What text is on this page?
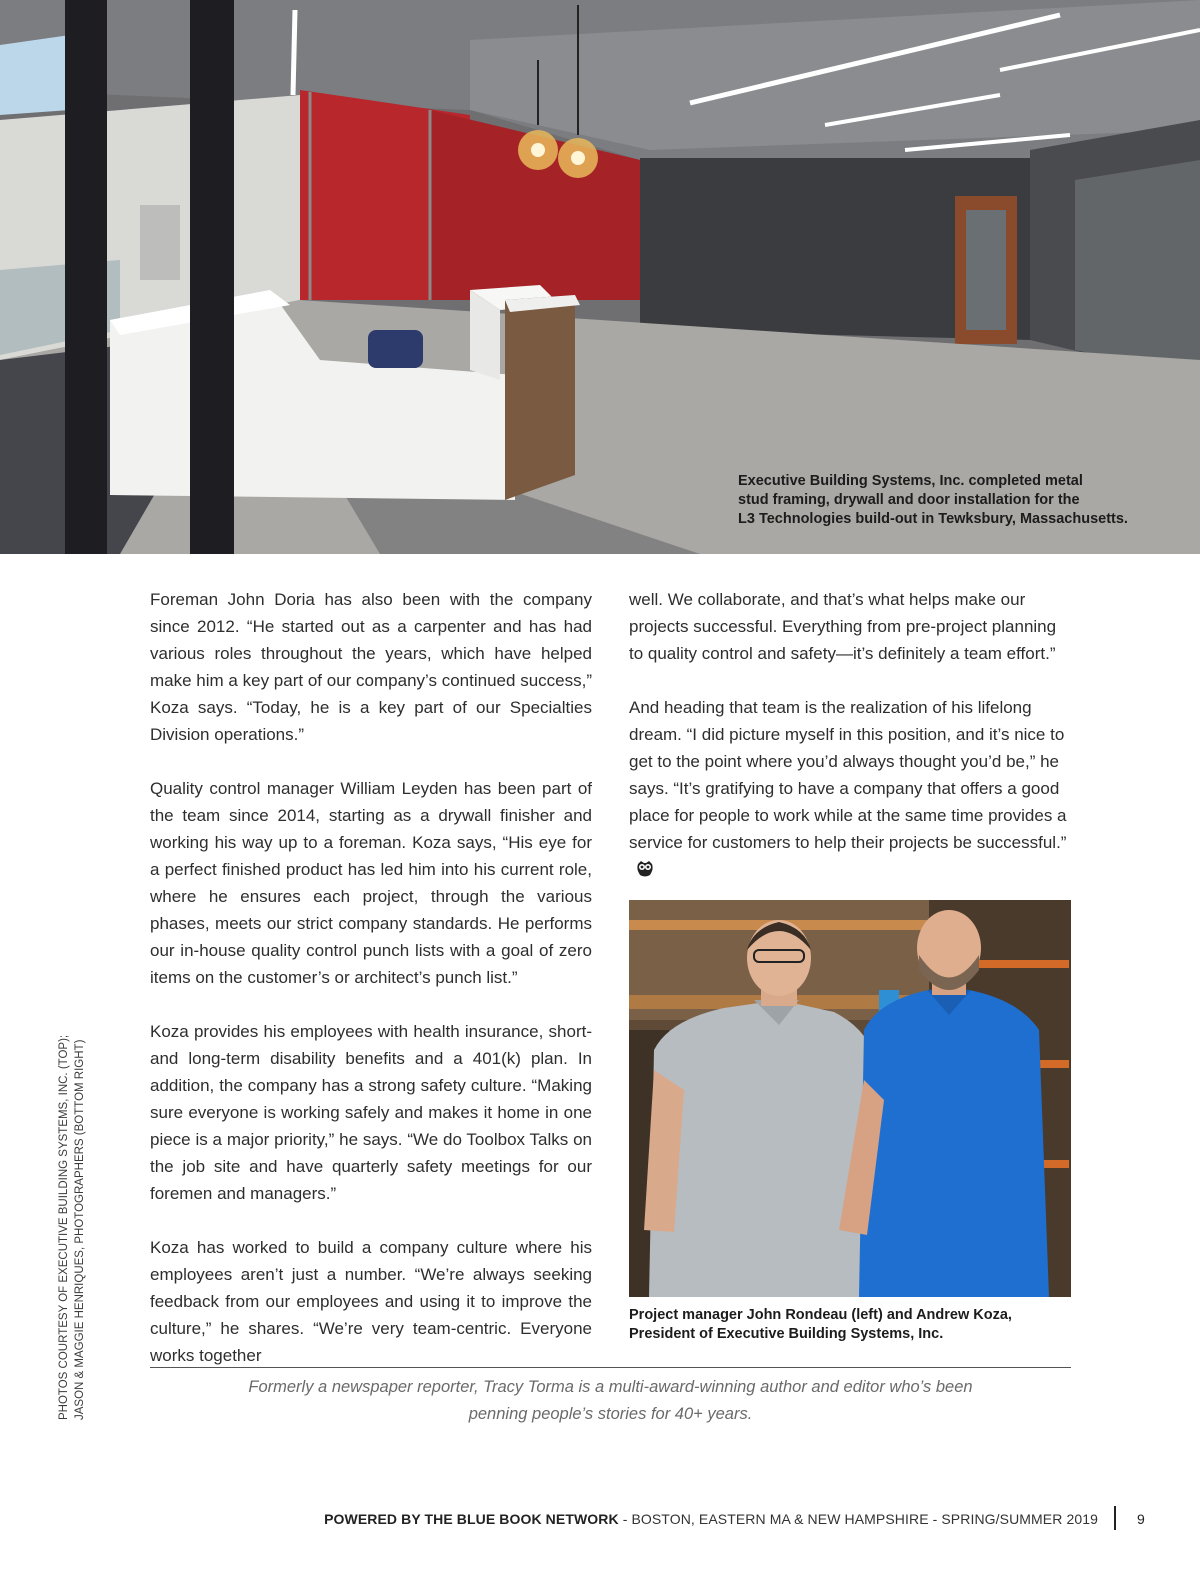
Executive Building Systems, Inc. completed metal
stud framing, drywall and door installation for the
L3 Technologies build-out in Tewksbury, Massachusetts.

Foreman John Doria has also been with the company since 2012. “He started out as a carpenter and has had various roles throughout the years, which have helped make him a key part of our company’s continued success,” Koza says. “Today, he is a key part of our Specialties Division operations.”

Quality control manager William Leyden has been part of the team since 2014, starting as a drywall finisher and working his way up to a foreman. Koza says, “His eye for a perfect finished product has led him into his current role, where he ensures each project, through the various phases, meets our strict company standards. He performs our in-house quality control punch lists with a goal of zero items on the customer’s or architect’s punch list.”

Koza provides his employees with health insurance, short- and long-term disability benefits and a 401(k) plan. In addition, the company has a strong safety culture. “Making sure everyone is working safely and makes it home in one piece is a major priority,” he says. “We do Toolbox Talks on the job site and have quarterly safety meetings for our foremen and managers.”

Koza has worked to build a company culture where his employees aren’t just a number. “We’re always seeking feedback from our employees and using it to improve the culture,” he shares. “We’re very team-centric. Everyone works together

well. We collaborate, and that’s what helps make our projects successful. Everything from pre-project planning to quality control and safety—it’s definitely a team effort.”

And heading that team is the realization of his lifelong dream. “I did picture myself in this position, and it’s nice to get to the point where you’d always thought you’d be,” he says. “It’s gratifying to have a company that offers a good place for people to work while at the same time provides a service for customers to help their projects be successful.”

Project manager John Rondeau (left) and Andrew Koza,
President of Executive Building Systems, Inc.
Formerly a newspaper reporter, Tracy Torma is a multi-award-winning author and editor who’s been
penning people’s stories for 40+ years.
PHOTOS COURTESY OF EXECUTIVE BUILDING SYSTEMS, INC. (TOP); JASON & MAGGIE HENRIQUES, PHOTOGRAPHERS (BOTTOM RIGHT)
POWERED BY THE BLUE BOOK NETWORK - BOSTON, EASTERN MA & NEW HAMPSHIRE - SPRING/SUMMER 2019	9
